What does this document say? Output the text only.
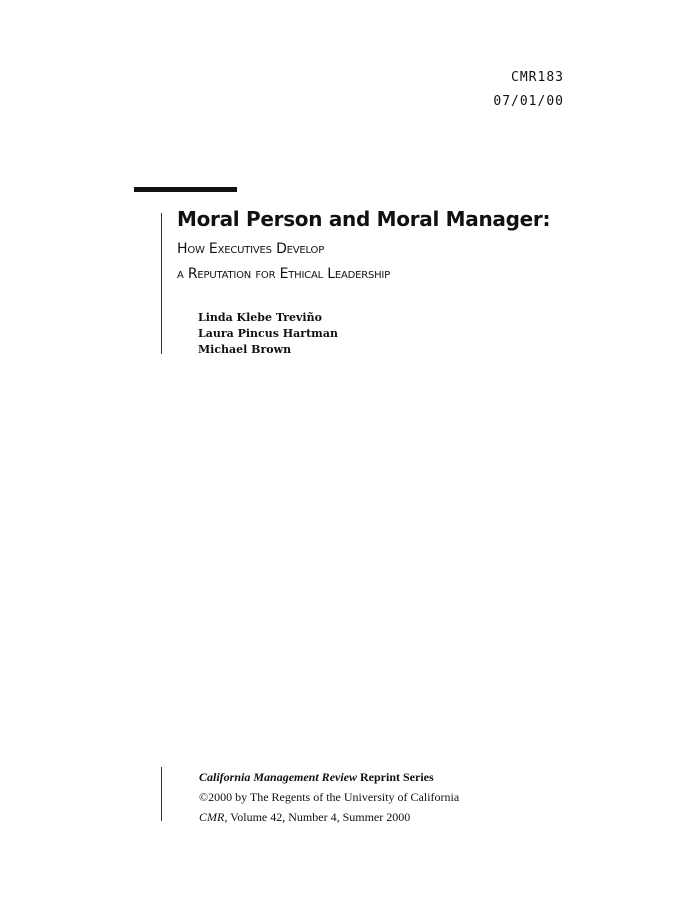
CMR183
07/01/00
Moral Person and Moral Manager:
How Executives Develop
a Reputation for Ethical Leadership
Linda Klebe Treviño
Laura Pincus Hartman
Michael Brown
California Management Review Reprint Series
©2000 by The Regents of the University of California
CMR, Volume 42, Number 4, Summer 2000
